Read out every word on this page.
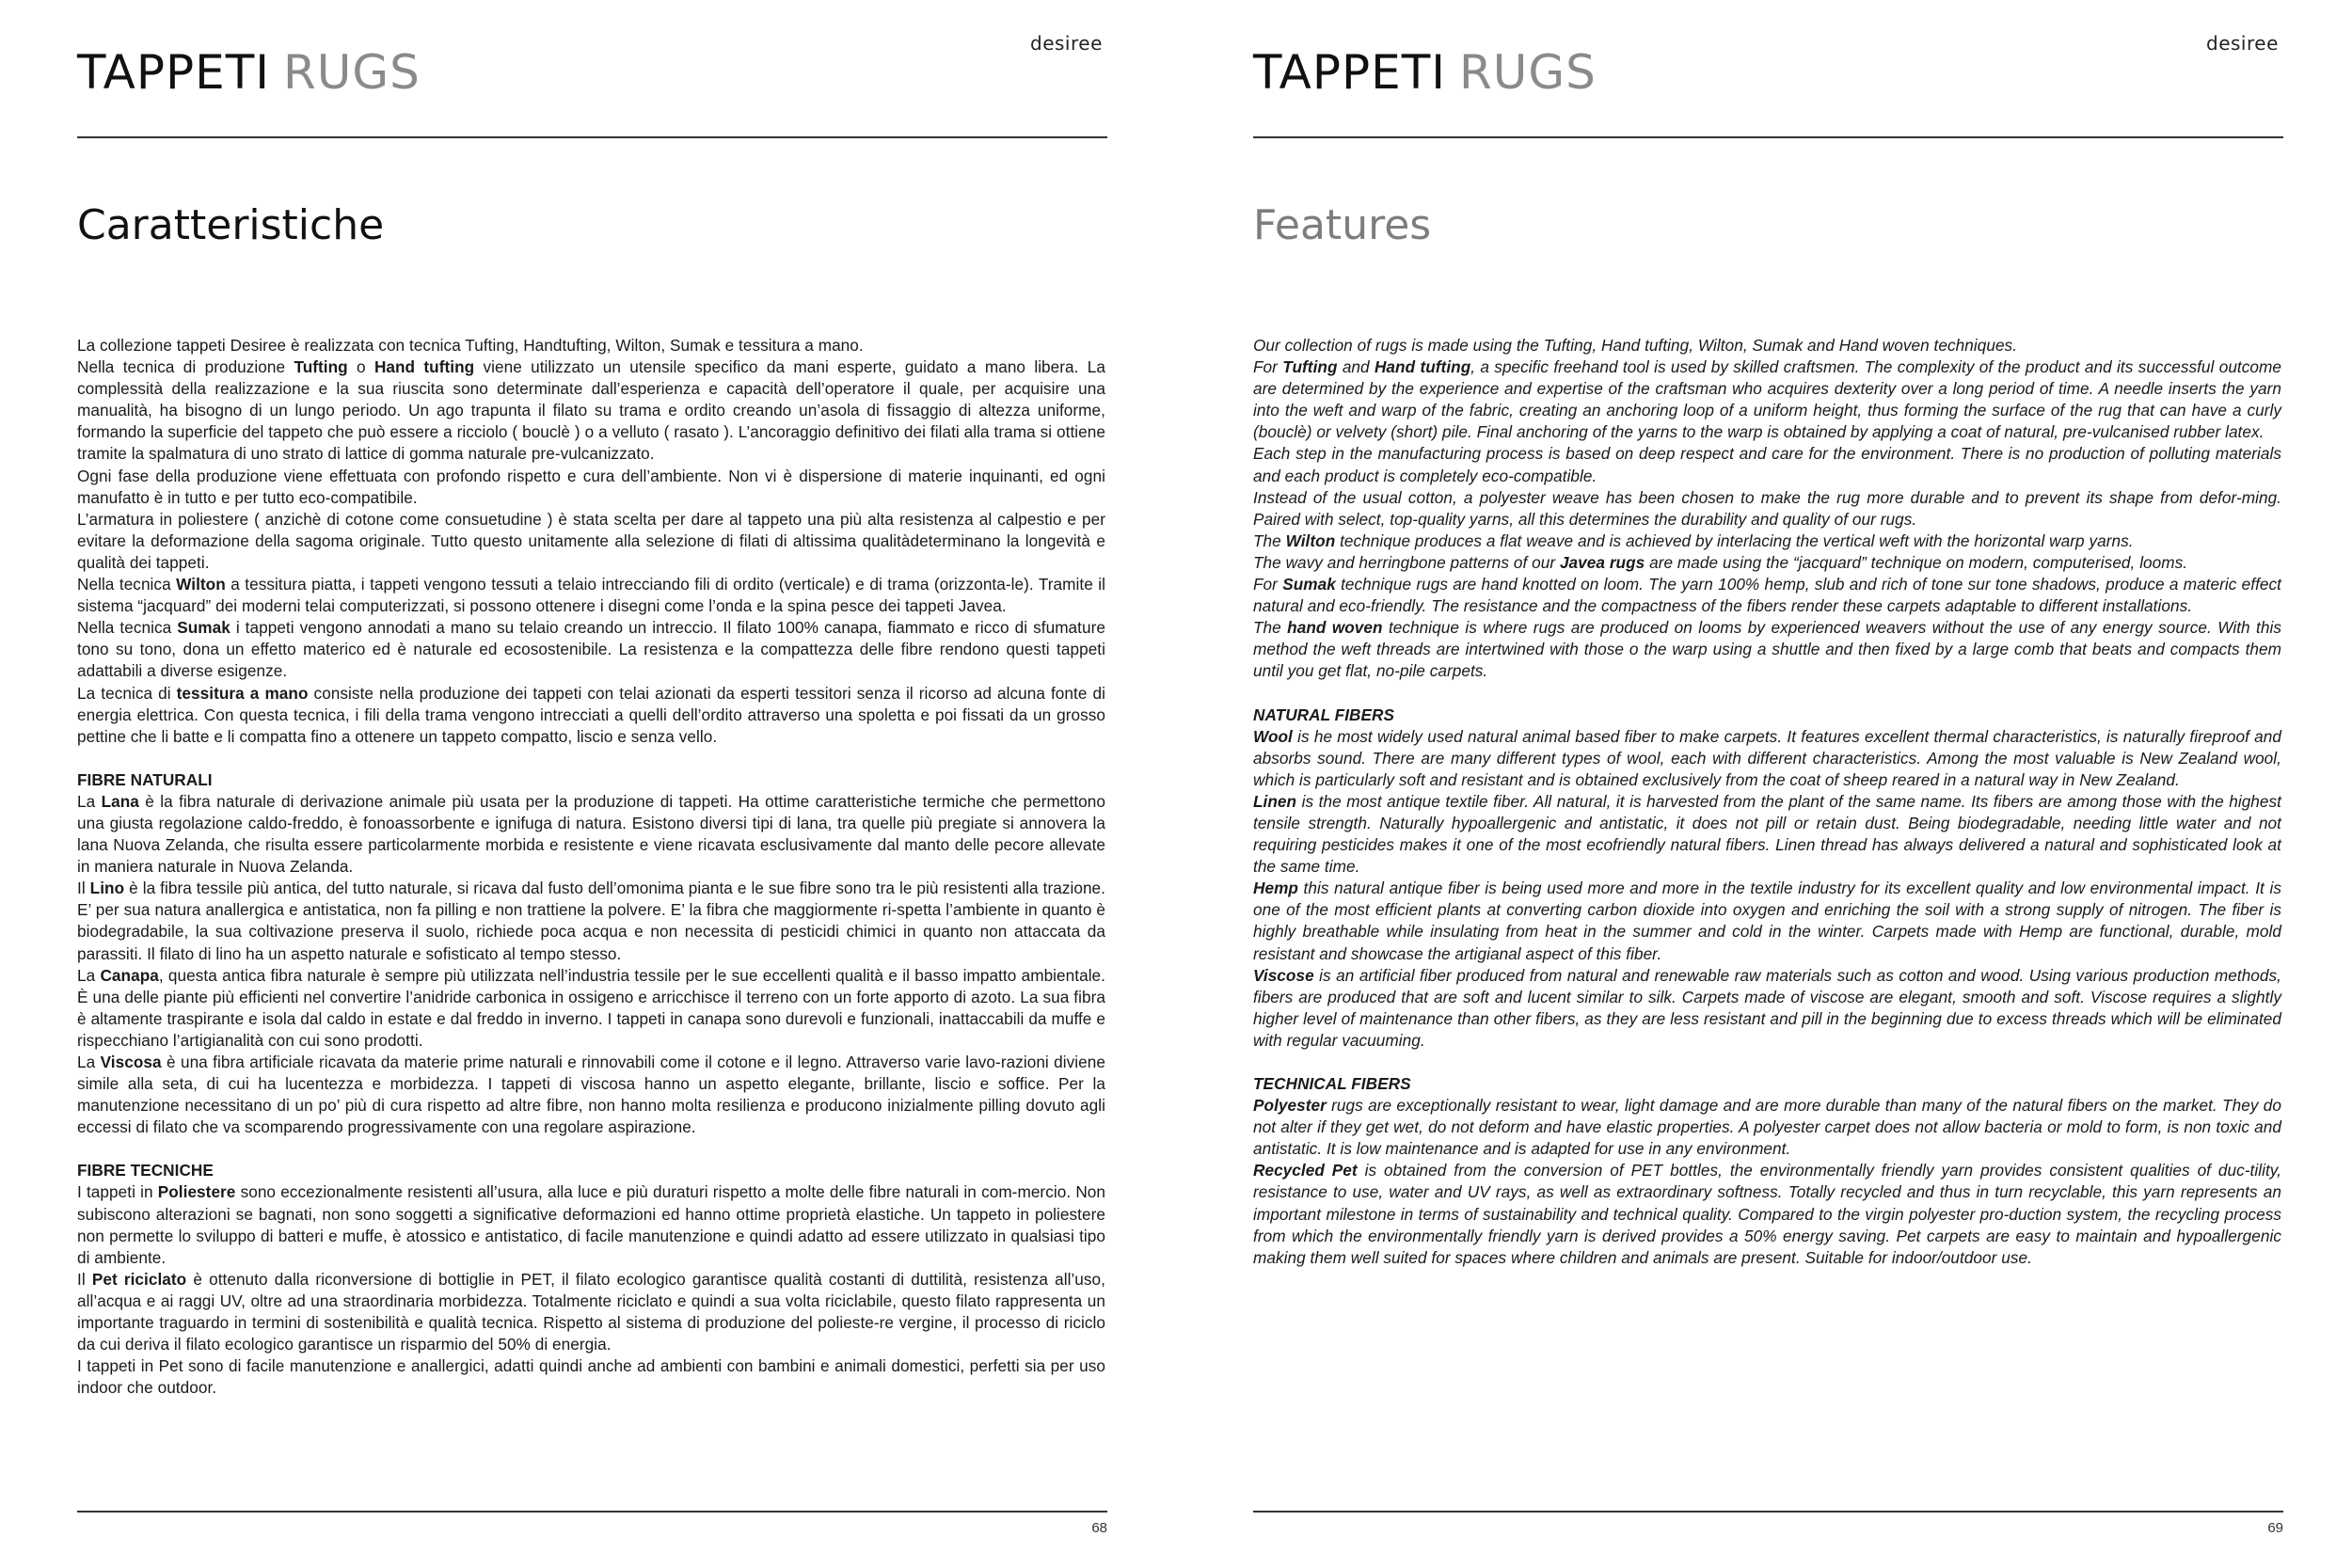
desiree
TAPPETI RUGS
Caratteristiche

La collezione tappeti Desiree è realizzata con tecnica Tufting, Handtufting, Wilton, Sumak e tessitura a mano.

Nella tecnica di produzione Tufting o Hand tufting viene utilizzato un utensile specifico da mani esperte, guidato a mano libera. La complessità della realizzazione e la sua riuscita sono determinate dall’esperienza e capacità dell’operatore il quale, per acquisire una manualità, ha bisogno di un lungo periodo. Un ago trapunta il filato su trama e ordito creando un’asola di fissaggio di altezza uniforme, formando la superficie del tappeto che può essere a ricciolo ( bouclè ) o a velluto ( rasato ). L’ancoraggio definitivo dei filati alla trama si ottiene tramite la spalmatura di uno strato di lattice di gomma naturale pre-vulcanizzato.

Ogni fase della produzione viene effettuata con profondo rispetto e cura dell’ambiente. Non vi è dispersione di materie inquinanti, ed ogni manufatto è in tutto e per tutto eco-compatibile.

L’armatura in poliestere ( anzichè di cotone come consuetudine ) è stata scelta per dare al tappeto una più alta resistenza al calpestio e per evitare la deformazione della sagoma originale. Tutto questo unitamente alla selezione di filati di altissima qualitàdeterminano la longevità e qualità dei tappeti.

Nella tecnica Wilton a tessitura piatta, i tappeti vengono tessuti a telaio intrecciando fili di ordito (verticale) e di trama (orizzonta-le). Tramite il sistema “jacquard” dei moderni telai computerizzati, si possono ottenere i disegni come l’onda e la spina pesce dei tappeti Javea.

Nella tecnica Sumak i tappeti vengono annodati a mano su telaio creando un intreccio. Il filato 100% canapa, fiammato e ricco di sfumature tono su tono, dona un effetto materico ed è naturale ed ecosostenibile. La resistenza e la compattezza delle fibre rendono questi tappeti adattabili a diverse esigenze.

La tecnica di tessitura a mano consiste nella produzione dei tappeti con telai azionati da esperti tessitori senza il ricorso ad alcuna fonte di energia elettrica. Con questa tecnica, i fili della trama vengono intrecciati a quelli dell’ordito attraverso una spoletta e poi fissati da un grosso pettine che li batte e li compatta fino a ottenere un tappeto compatto, liscio e senza vello.

FIBRE NATURALI

La Lana è la fibra naturale di derivazione animale più usata per la produzione di tappeti. Ha ottime caratteristiche termiche che permettono una giusta regolazione caldo-freddo, è fonoassorbente e ignifuga di natura. Esistono diversi tipi di lana, tra quelle più pregiate si annovera la lana Nuova Zelanda, che risulta essere particolarmente morbida e resistente e viene ricavata esclusivamente dal manto delle pecore allevate in maniera naturale in Nuova Zelanda.

Il Lino è la fibra tessile più antica, del tutto naturale, si ricava dal fusto dell’omonima pianta e le sue fibre sono tra le più resistenti alla trazione. E’ per sua natura anallergica e antistatica, non fa pilling e non trattiene la polvere. E’ la fibra che maggiormente ri-spetta l’ambiente in quanto è biodegradabile, la sua coltivazione preserva il suolo, richiede poca acqua e non necessita di pesticidi chimici in quanto non attaccata da parassiti. Il filato di lino ha un aspetto naturale e sofisticato al tempo stesso.

La Canapa, questa antica fibra naturale è sempre più utilizzata nell’industria tessile per le sue eccellenti qualità e il basso impatto ambientale. È una delle piante più efficienti nel convertire l’anidride carbonica in ossigeno e arricchisce il terreno con un forte apporto di azoto. La sua fibra è altamente traspirante e isola dal caldo in estate e dal freddo in inverno. I tappeti in canapa sono durevoli e funzionali, inattaccabili da muffe e rispecchiano l’artigianalità con cui sono prodotti.

La Viscosa è una fibra artificiale ricavata da materie prime naturali e rinnovabili come il cotone e il legno. Attraverso varie lavo-razioni diviene simile alla seta, di cui ha lucentezza e morbidezza. I tappeti di viscosa hanno un aspetto elegante, brillante, liscio e soffice. Per la manutenzione necessitano di un po’ più di cura rispetto ad altre fibre, non hanno molta resilienza e producono inizialmente pilling dovuto agli eccessi di filato che va scomparendo progressivamente con una regolare aspirazione.

FIBRE TECNICHE

I tappeti in Poliestere sono eccezionalmente resistenti all’usura, alla luce e più duraturi rispetto a molte delle fibre naturali in com-mercio. Non subiscono alterazioni se bagnati, non sono soggetti a significative deformazioni ed hanno ottime proprietà elastiche. Un tappeto in poliestere non permette lo sviluppo di batteri e muffe, è atossico e antistatico, di facile manutenzione e quindi adatto ad essere utilizzato in qualsiasi tipo di ambiente.

Il Pet riciclato è ottenuto dalla riconversione di bottiglie in PET, il filato ecologico garantisce qualità costanti di duttilità, resistenza all’uso, all’acqua e ai raggi UV, oltre ad una straordinaria morbidezza. Totalmente riciclato e quindi a sua volta riciclabile, questo filato rappresenta un importante traguardo in termini di sostenibilità e qualità tecnica. Rispetto al sistema di produzione del polieste-re vergine, il processo di riciclo da cui deriva il filato ecologico garantisce un risparmio del 50% di energia.

I tappeti in Pet sono di facile manutenzione e anallergici, adatti quindi anche ad ambienti con bambini e animali domestici, perfetti sia per uso indoor che outdoor.

68
desiree
TAPPETI RUGS
Features

Our collection of rugs is made using the Tufting, Hand tufting, Wilton, Sumak and Hand woven techniques.

For Tufting and Hand tufting, a specific freehand tool is used by skilled craftsmen. The complexity of the product and its successful outcome are determined by the experience and expertise of the craftsman who acquires dexterity over a long period of time. A needle inserts the yarn into the weft and warp of the fabric, creating an anchoring loop of a uniform height, thus forming the surface of the rug that can have a curly (bouclè) or velvety (short) pile. Final anchoring of the yarns to the warp is obtained by applying a coat of natural, pre-vulcanised rubber latex.

Each step in the manufacturing process is based on deep respect and care for the environment. There is no production of polluting materials and each product is completely eco-compatible.

Instead of the usual cotton, a polyester weave has been chosen to make the rug more durable and to prevent its shape from defor-ming. Paired with select, top-quality yarns, all this determines the durability and quality of our rugs.

The Wilton technique produces a flat weave and is achieved by interlacing the vertical weft with the horizontal warp yarns.

The wavy and herringbone patterns of our Javea rugs are made using the “jacquard” technique on modern, computerised, looms.

For Sumak technique rugs are hand knotted on loom. The yarn 100% hemp, slub and rich of tone sur tone shadows, produce a materic effect natural and eco-friendly. The resistance and the compactness of the fibers render these carpets adaptable to different installations.

The hand woven technique is where rugs are produced on looms by experienced weavers without the use of any energy source. With this method the weft threads are intertwined with those o the warp using a shuttle and then fixed by a large comb that beats and compacts them until you get flat, no-pile carpets.

NATURAL FIBERS

Wool is he most widely used natural animal based fiber to make carpets. It features excellent thermal characteristics, is naturally fireproof and absorbs sound. There are many different types of wool, each with different characteristics. Among the most valuable is New Zealand wool, which is particularly soft and resistant and is obtained exclusively from the coat of sheep reared in a natural way in New Zealand.

Linen is the most antique textile fiber. All natural, it is harvested from the plant of the same name. Its fibers are among those with the highest tensile strength. Naturally hypoallergenic and antistatic, it does not pill or retain dust. Being biodegradable, needing little water and not requiring pesticides makes it one of the most ecofriendly natural fibers. Linen thread has always delivered a natural and sophisticated look at the same time.

Hemp this natural antique fiber is being used more and more in the textile industry for its excellent quality and low environmental impact. It is one of the most efficient plants at converting carbon dioxide into oxygen and enriching the soil with a strong supply of nitrogen. The fiber is highly breathable while insulating from heat in the summer and cold in the winter. Carpets made with Hemp are functional, durable, mold resistant and showcase the artigianal aspect of this fiber.

Viscose is an artificial fiber produced from natural and renewable raw materials such as cotton and wood. Using various production methods, fibers are produced that are soft and lucent similar to silk. Carpets made of viscose are elegant, smooth and soft. Viscose requires a slightly higher level of maintenance than other fibers, as they are less resistant and pill in the beginning due to excess threads which will be eliminated with regular vacuuming.

TECHNICAL FIBERS

Polyester rugs are exceptionally resistant to wear, light damage and are more durable than many of the natural fibers on the market. They do not alter if they get wet, do not deform and have elastic properties. A polyester carpet does not allow bacteria or mold to form, is non toxic and antistatic. It is low maintenance and is adapted for use in any environment.

Recycled Pet is obtained from the conversion of PET bottles, the environmentally friendly yarn provides consistent qualities of duc-tility, resistance to use, water and UV rays, as well as extraordinary softness. Totally recycled and thus in turn recyclable, this yarn represents an important milestone in terms of sustainability and technical quality. Compared to the virgin polyester pro-duction system, the recycling process from which the environmentally friendly yarn is derived provides a 50% energy saving. Pet carpets are easy to maintain and hypoallergenic making them well suited for spaces where children and animals are present. Suitable for indoor/outdoor use.

69
